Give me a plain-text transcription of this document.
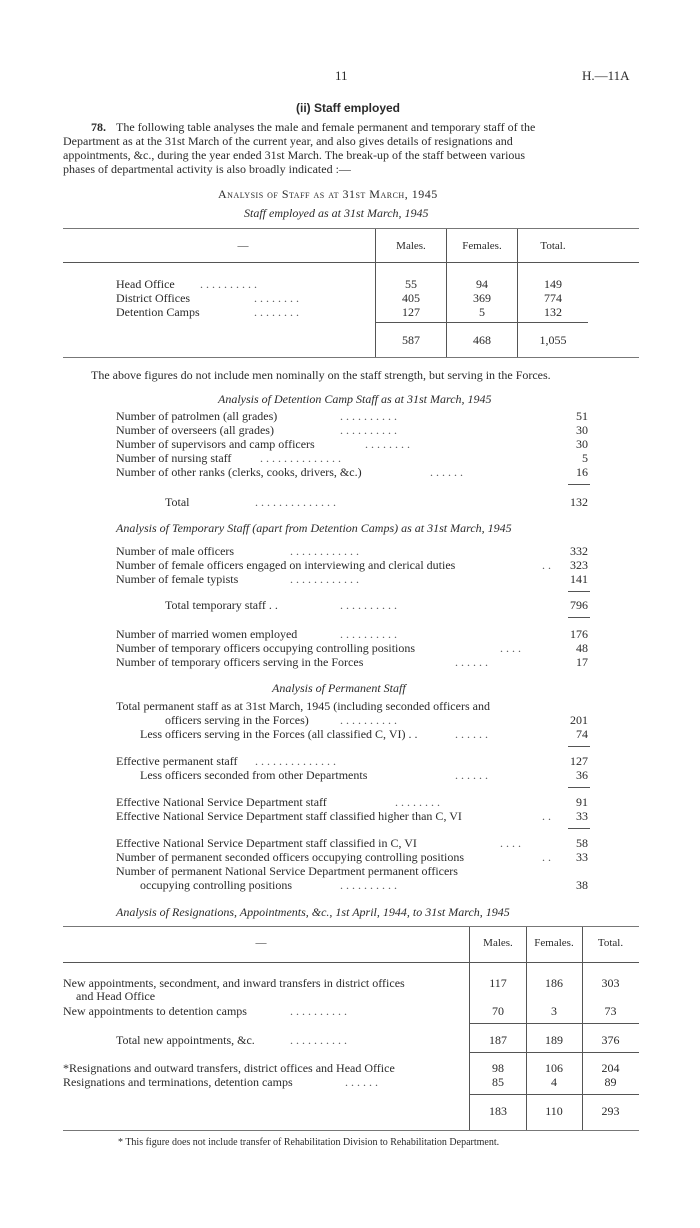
11	H.—11A
(ii) Staff employed
78. The following table analyses the male and female permanent and temporary staff of the
Department as at the 31st March of the current year, and also gives details of resignations and
appointments, &c., during the year ended 31st March. The break-up of the staff between various
phases of departmental activity is also broadly indicated :—
Analysis of Staff as at 31st March, 1945
Staff employed as at 31st March, 1945
—	Males.	Females.	Total.
Head Office . . . . . . . . . .	55	94	149
District Offices	. . . . . . . .	405	369	774
Detention Camps	. . . . . . . .	127	5	132
587	468	1,055
The above figures do not include men nominally on the staff strength, but serving in the Forces.
Analysis of Detention Camp Staff as at 31st March, 1945
Number of patrolmen (all grades)	. . . . . . . . . .	51
Number of overseers (all grades)	. . . . . . . . . .	30
Number of supervisors and camp officers	. . . . . . . .	30
Number of nursing staff . . . . . . . . . . . . . .	5
Number of other ranks (clerks, cooks, drivers, &c.)	. . . . . .	16
Total	. . . . . . . . . . . . . .	132
Analysis of Temporary Staff (apart from Detention Camps) as at 31st March, 1945
Number of male officers	. . . . . . . . . . . .	332
Number of female officers engaged on interviewing and clerical duties	. .	323
Number of female typists	. . . . . . . . . . . .	141
Total temporary staff . .	. . . . . . . . . .	796
Number of married women employed	. . . . . . . . . .	176
Number of temporary officers occupying controlling positions	. . . .	48
Number of temporary officers serving in the Forces	. . . . . .	17
Analysis of Permanent Staff
Total permanent staff as at 31st March, 1945 (including seconded officers and
officers serving in the Forces)	. . . . . . . . . .	201
Less officers serving in the Forces (all classified C, VI) . .	. . . . . .	74
Effective permanent staff . . . . . . . . . . . . . .	127
Less officers seconded from other Departments	. . . . . .	36
Effective National Service Department staff	. . . . . . . .	91
Effective National Service Department staff classified higher than C, VI	. .	33
Effective National Service Department staff classified in C, VI	. . . .	58
Number of permanent seconded officers occupying controlling positions	. .	33
Number of permanent National Service Department permanent officers
occupying controlling positions	. . . . . . . . . .	38
Analysis of Resignations, Appointments, &c., 1st April, 1944, to 31st March, 1945
—	Males.	Females.	Total.
New appointments, secondment, and inward transfers in district offices
and Head Office
117	186	303
New appointments to detention camps	. . . . . . . . . .	70	3	73
Total new appointments, &c.	. . . . . . . . . .	187	189	376
*Resignations and outward transfers, district offices and Head Office	98	106	204
Resignations and terminations, detention camps	. . . . . .	85	4	89
183	110	293
* This figure does not include transfer of Rehabilitation Division to Rehabilitation Department.
